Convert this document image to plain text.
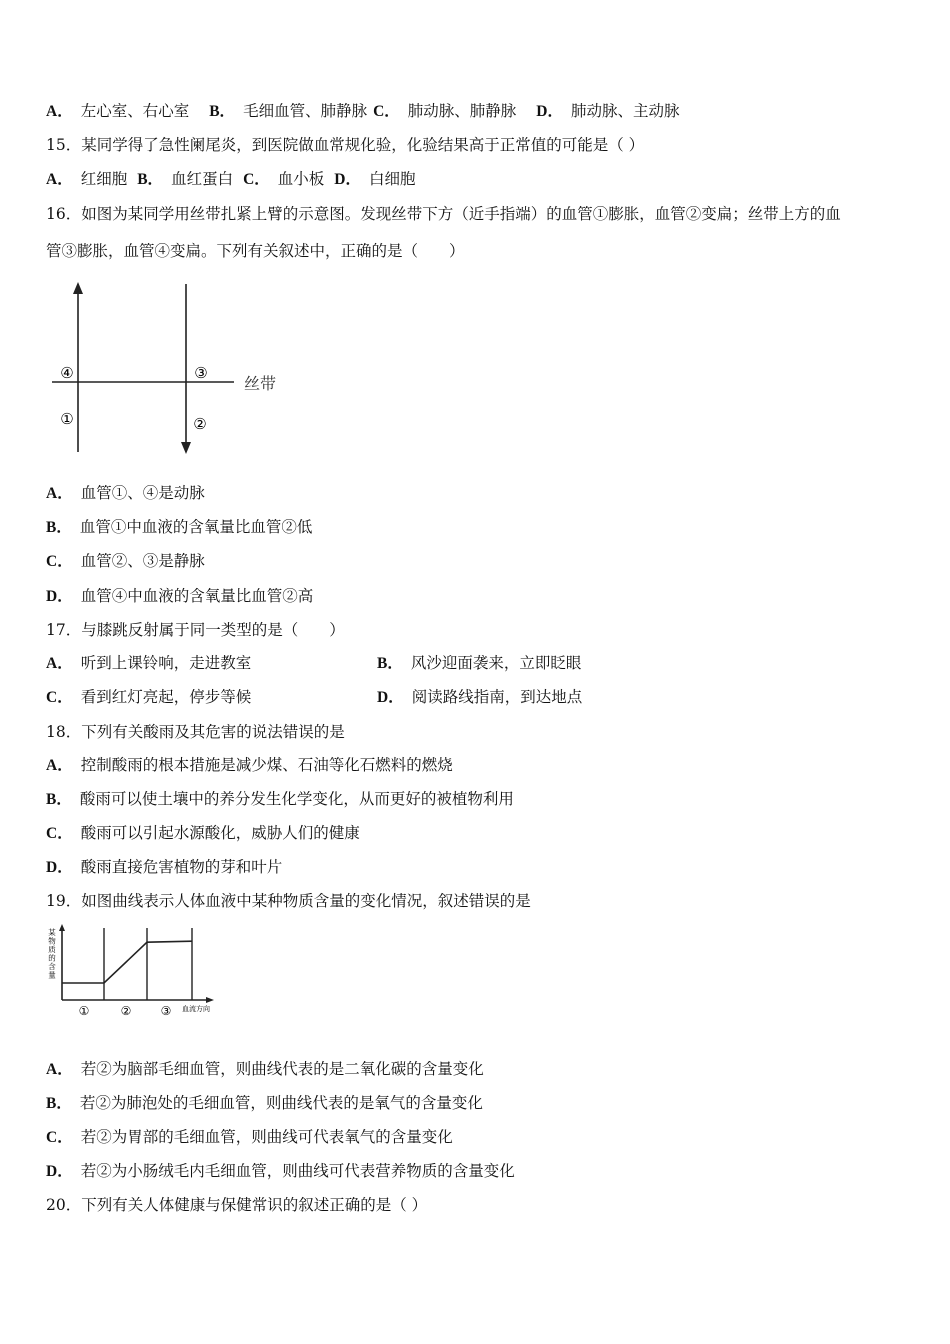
A． 左心室、右心室 B． 毛细血管、肺静脉 C． 肺动脉、肺静脉 D． 肺动脉、主动脉
15．某同学得了急性阑尾炎，到医院做血常规化验，化验结果高于正常值的可能是（ ）
A． 红细胞 B． 血红蛋白 C． 血小板 D． 白细胞
16．如图为某同学用丝带扎紧上臂的示意图。发现丝带下方（近手指端）的血管①膨胀，血管②变扁；丝带上方的血
管③膨胀，血管④变扁。下列有关叙述中，正确的是（　　）
④	③
①	②
丝带
A． 血管①、④是动脉
B． 血管①中血液的含氧量比血管②低
C． 血管②、③是静脉
D． 血管④中血液的含氧量比血管②高
17．与膝跳反射属于同一类型的是（　　）
A． 听到上课铃响，走进教室	B． 风沙迎面袭来，立即眨眼
C． 看到红灯亮起，停步等候	D． 阅读路线指南，到达地点
18．下列有关酸雨及其危害的说法错误的是
A． 控制酸雨的根本措施是减少煤、石油等化石燃料的燃烧
B． 酸雨可以使土壤中的养分发生化学变化，从而更好的被植物利用
C． 酸雨可以引起水源酸化，威胁人们的健康
D． 酸雨直接危害植物的芽和叶片
19．如图曲线表示人体血液中某种物质含量的变化情况，叙述错误的是
某物质的含量
①	② ③ 血流方向
A． 若②为脑部毛细血管，则曲线代表的是二氧化碳的含量变化
B． 若②为肺泡处的毛细血管，则曲线代表的是氧气的含量变化
C． 若②为胃部的毛细血管，则曲线可代表氧气的含量变化
D． 若②为小肠绒毛内毛细血管，则曲线可代表营养物质的含量变化
20．下列有关人体健康与保健常识的叙述正确的是（ ）
